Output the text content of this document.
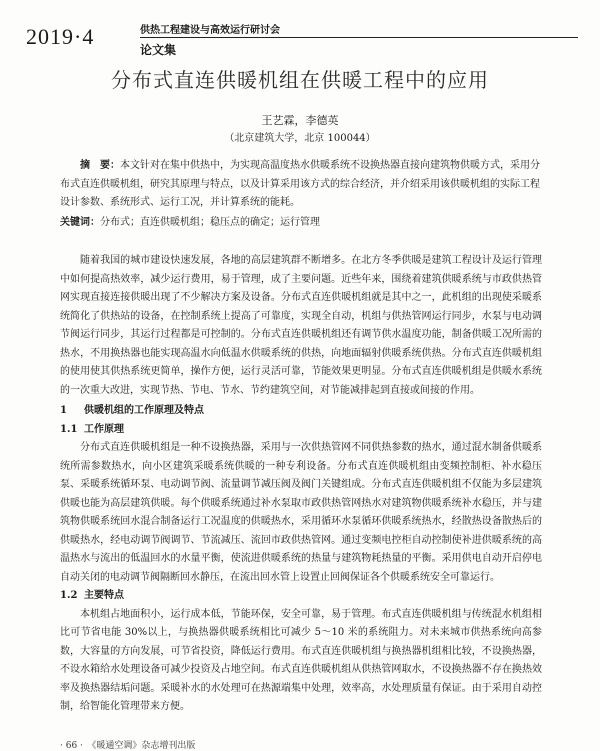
2019·4	供热工程建设与高效运行研讨会
论文集
分布式直连供暖机组在供暖工程中的应用
王艺霖，李德英
（北京建筑大学，北京 100044）

摘　要：本文针对在集中供热中，为实现高温度热水供暖系统不设换热器直接向建筑物供暖方式，采用分布式直连供暖机组，研究其原理与特点，以及计算采用该方式的综合经济，并介绍采用该供暖机组的实际工程设计参数、系统形式、运行工况，并计算系统的能耗。

关键词：分布式；直连供暖机组；稳压点的确定；运行管理

随着我国的城市建设快速发展，各地的高层建筑群不断增多。在北方冬季供暖是建筑工程设计及运行管理中如何提高热效率，减少运行费用，易于管理，成了主要问题。近些年来，围绕着建筑供暖系统与市政供热管网实现直接连接供暖出现了不少解决方案及设备。分布式直连供暖机组就是其中之一，此机组的出现使采暖系统简化了供热站的设备，在控制系统上提高了可靠度，实现全自动，机组与供热管网运行同步，水泵与电动调节阀运行同步，其运行过程都是可控制的。分布式直连供暖机组还有调节供水温度功能，制备供暖工况所需的热水，不用换热器也能实现高温水向低温水供暖系统的供热，向地面辐射供暖系统供热。分布式直连供暖机组的使用使其供热系统更简单，操作方便，运行灵活可靠，节能效果更明显。分布式直连供暖机组是供暖水系统的一次重大改进，实现节热、节电、节水、节约建筑空间，对节能减排起到直接或间接的作用。

1 供暖机组的工作原理及特点
1.1 工作原理

分布式直连供暖机组是一种不设换热器，采用与一次供热管网不同供热参数的热水，通过混水制备供暖系统所需参数热水，向小区建筑采暖系统供暖的一种专利设备。分布式直连供暖机组由变频控制柜、补水稳压泵、采暖系统循环泵、电动调节阀、流量调节减压阀及阀门关键组成。分布式直连供暖机组不仅能为多层建筑供暖也能为高层建筑供暖。每个供暖系统通过补水泵取市政供热管网热水对建筑物供暖系统补水稳压，并与建筑物供暖系统回水混合制备运行工况温度的供暖热水，采用循环水泵循环供暖系统热水，经散热设备散热后的供暖热水，经电动调节阀调节、节流减压、流回市政供热管网。通过变频电控柜自动控制使补进供暖系统的高温热水与流出的低温回水的水量平衡，使流进供暖系统的热量与建筑物耗热量的平衡。采用供电自动开启停电自动关闭的电动调节阀隔断回水静压，在流出回水管上设置止回阀保证各个供暖系统安全可靠运行。

1.2 主要特点

本机组占地面积小，运行成本低，节能环保，安全可靠，易于管理。布式直连供暖机组与传统混水机组相比可节省电能 30%以上，与换热器供暖系统相比可减少 5～10 米的系统阻力。对未来城市供热系统向高参数，大容量的方向发展，可节省投资，降低运行费用。布式直连供暖机组与换热器机组相比较，不设换热器，不设水箱给水处理设备可减少投资及占地空间。布式直连供暖机组从供热管网取水，不设换热器不存在换热效率及换热器结垢问题。采暖补水的水处理可在热源端集中处理，效率高，水处理质量有保证。由于采用自动控制，给智能化管理带来方便。

· 66 ·　《暖通空调》杂志增刊出版
